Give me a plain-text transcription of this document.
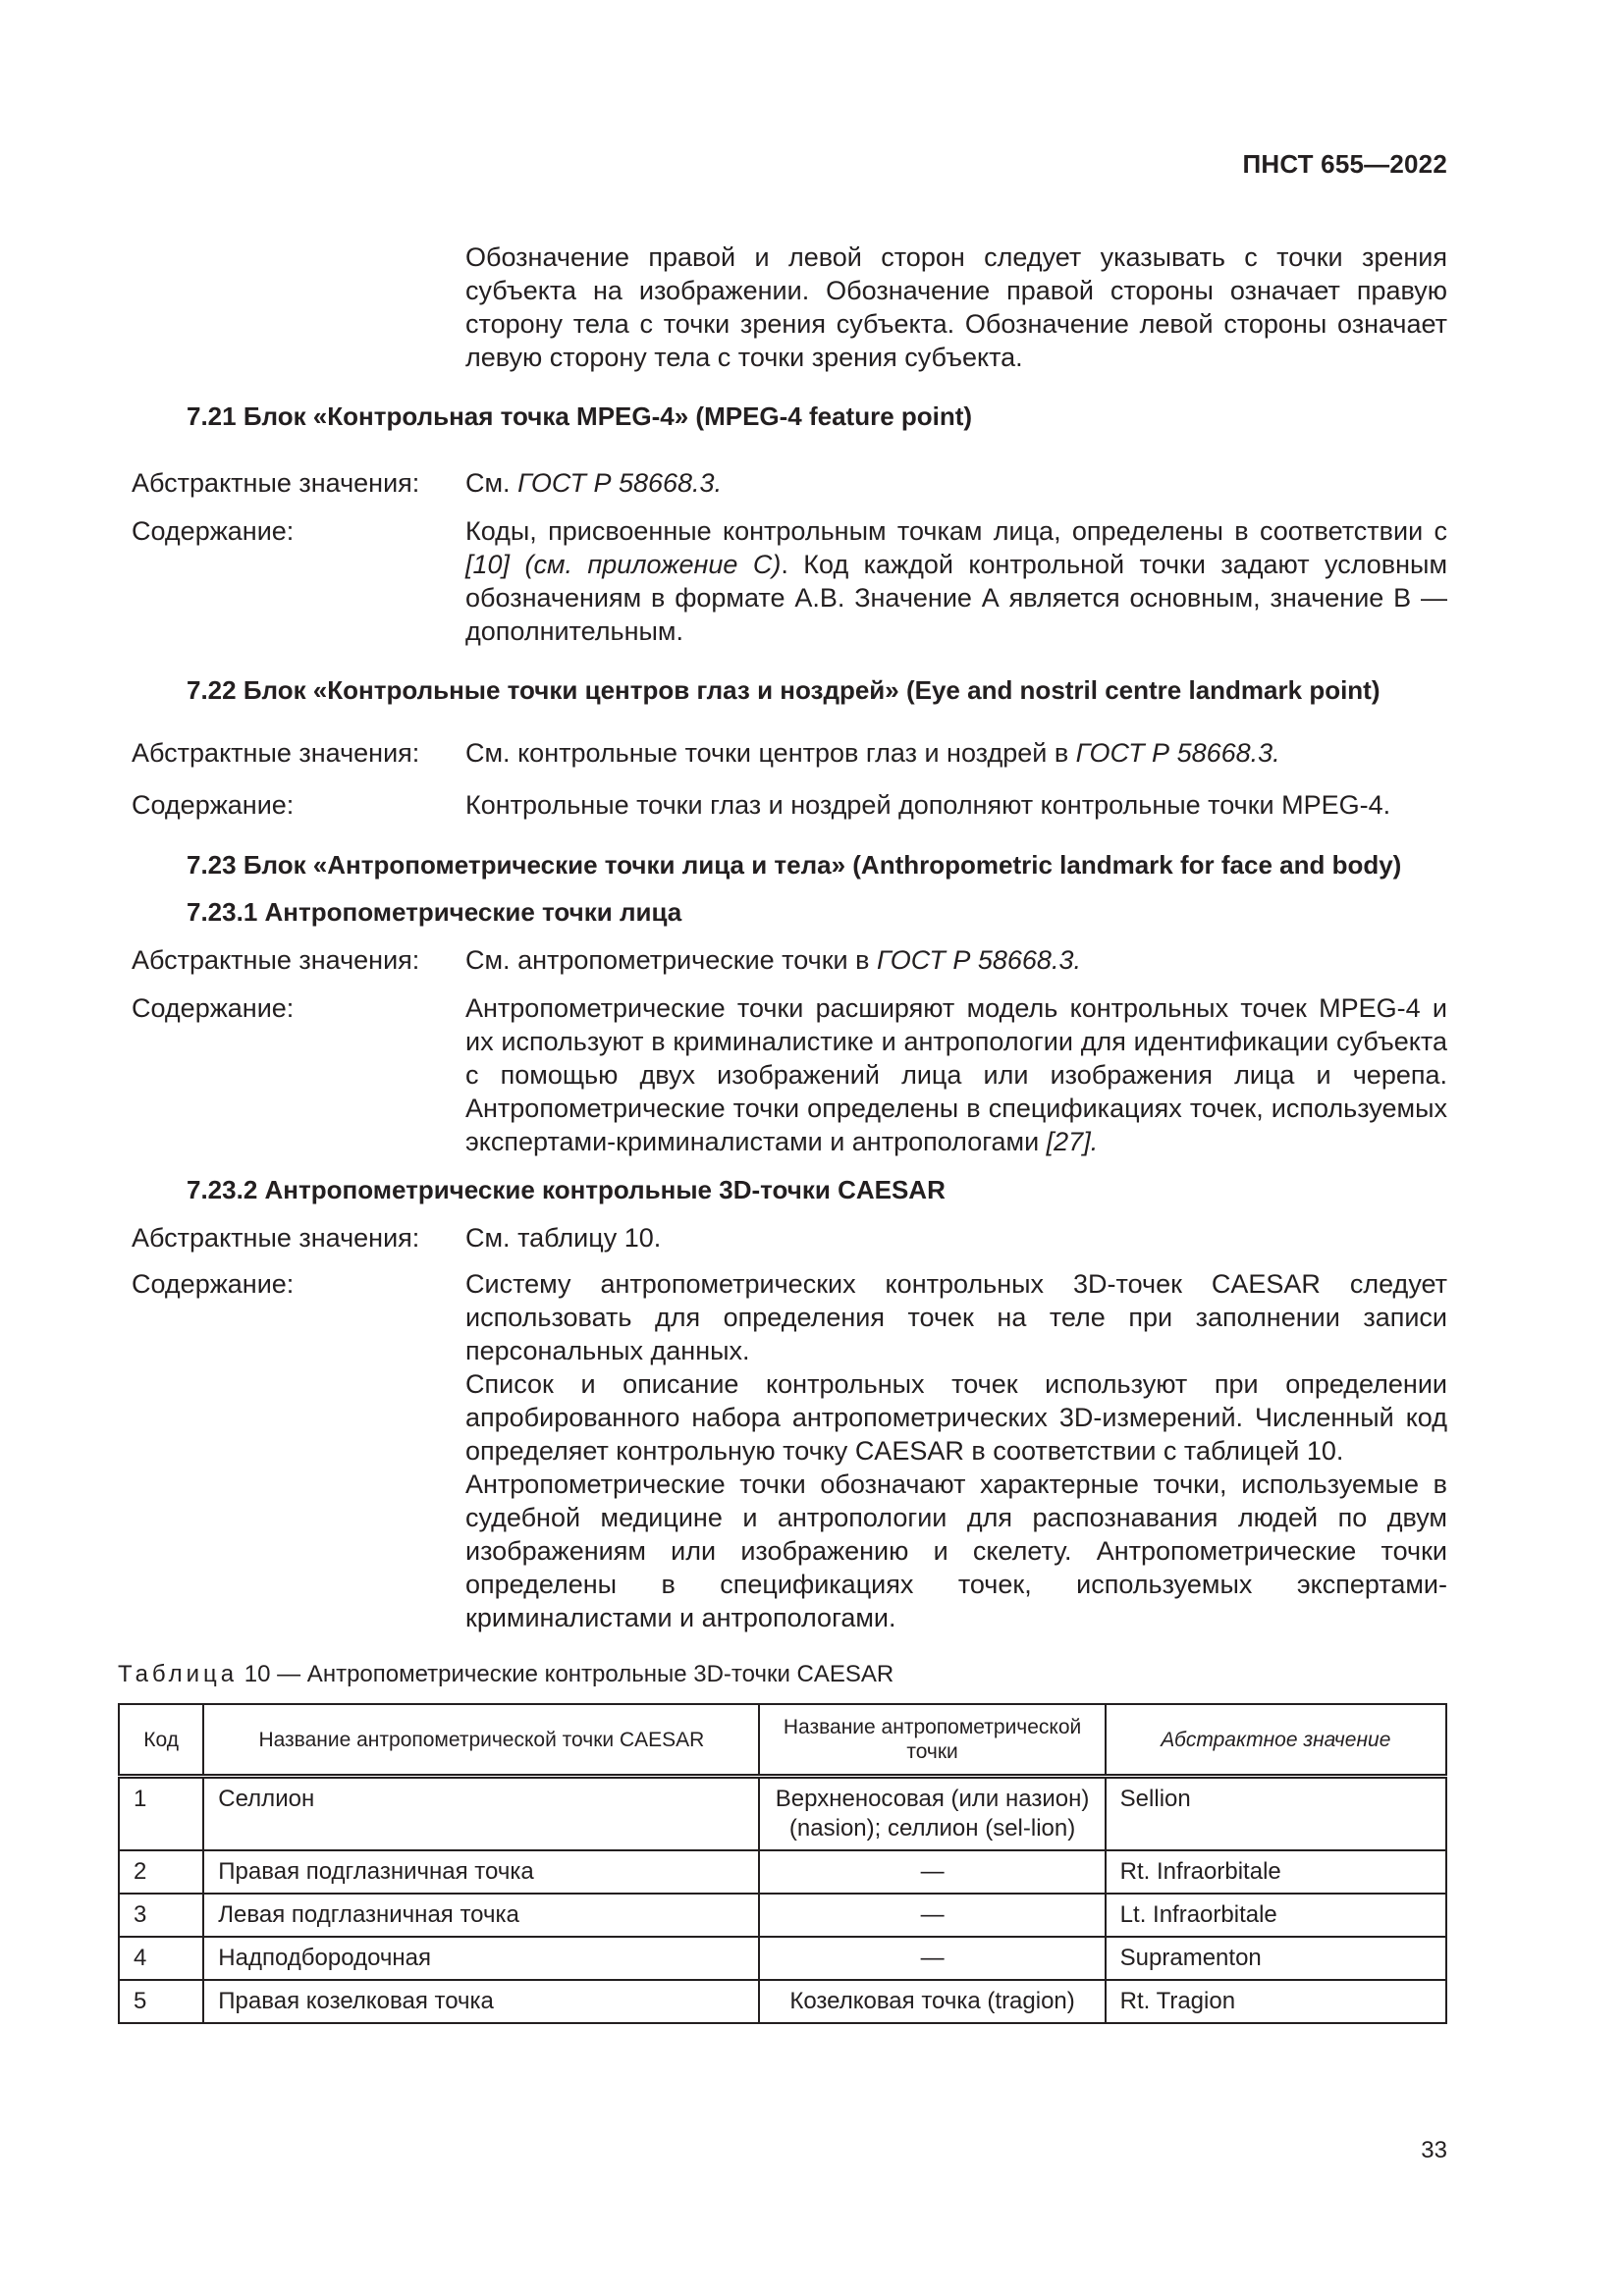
ПНСТ 655—2022
Обозначение правой и левой сторон следует указывать с точки зрения субъекта на изображении. Обозначение правой стороны означает правую сторону тела с точки зрения субъекта. Обозначение левой стороны означает левую сторону тела с точки зрения субъекта.
7.21 Блок «Контрольная точка MPEG-4» (MPEG-4 feature point)
Абстрактные значения: См. ГОСТ Р 58668.3.
Содержание:	Коды, присвоенные контрольным точкам лица, определены в соответствии с [10] (см. приложение С). Код каждой контрольной точки задают условным обозначениям в формате А.В. Значение А является основным, значение В — дополнительным.
7.22 Блок «Контрольные точки центров глаз и ноздрей» (Eye and nostril centre landmark point)
Абстрактные значения: См. контрольные точки центров глаз и ноздрей в ГОСТ Р 58668.3.
Содержание:	Контрольные точки глаз и ноздрей дополняют контрольные точки MPEG-4.
7.23 Блок «Антропометрические точки лица и тела» (Anthropometric landmark for face and body)
7.23.1 Антропометрические точки лица
Абстрактные значения: См. антропометрические точки в ГОСТ Р 58668.3.
Содержание:	Антропометрические точки расширяют модель контрольных точек MPEG-4 и их используют в криминалистике и антропологии для идентификации субъекта с помощью двух изображений лица или изображения лица и черепа. Антропометрические точки определены в спецификациях точек, используемых экспертами-криминалистами и антропологами [27].
7.23.2 Антропометрические контрольные 3D-точки CAESAR
Абстрактные значения: См. таблицу 10.
Содержание:	Систему антропометрических контрольных 3D-точек CAESAR следует использовать для определения точек на теле при заполнении записи персональных данных.
Список и описание контрольных точек используют при определении апробированного набора антропометрических 3D-измерений. Численный код определяет контрольную точку CAESAR в соответствии с таблицей 10.
Антропометрические точки обозначают характерные точки, используемые в судебной медицине и антропологии для распознавания людей по двум изображениям или изображению и скелету. Антропометрические точки определены в спецификациях точек, используемых экспертами-криминалистами и антропологами.
Таблица 10 — Антропометрические контрольные 3D-точки CAESAR
Код	Название антропометрической точки CAESAR	Название антропометрической точки	Абстрактное значение
1	Селлион	Верхненосовая (или назион) (nasion); селлион (sel-lion)	Sellion
2	Правая подглазничная точка	—	Rt. Infraorbitale
3	Левая подглазничная точка	—	Lt. Infraorbitale
4	Надподбородочная	—	Supramenton
5	Правая козелковая точка	Козелковая точка (tragion)	Rt. Tragion
33
